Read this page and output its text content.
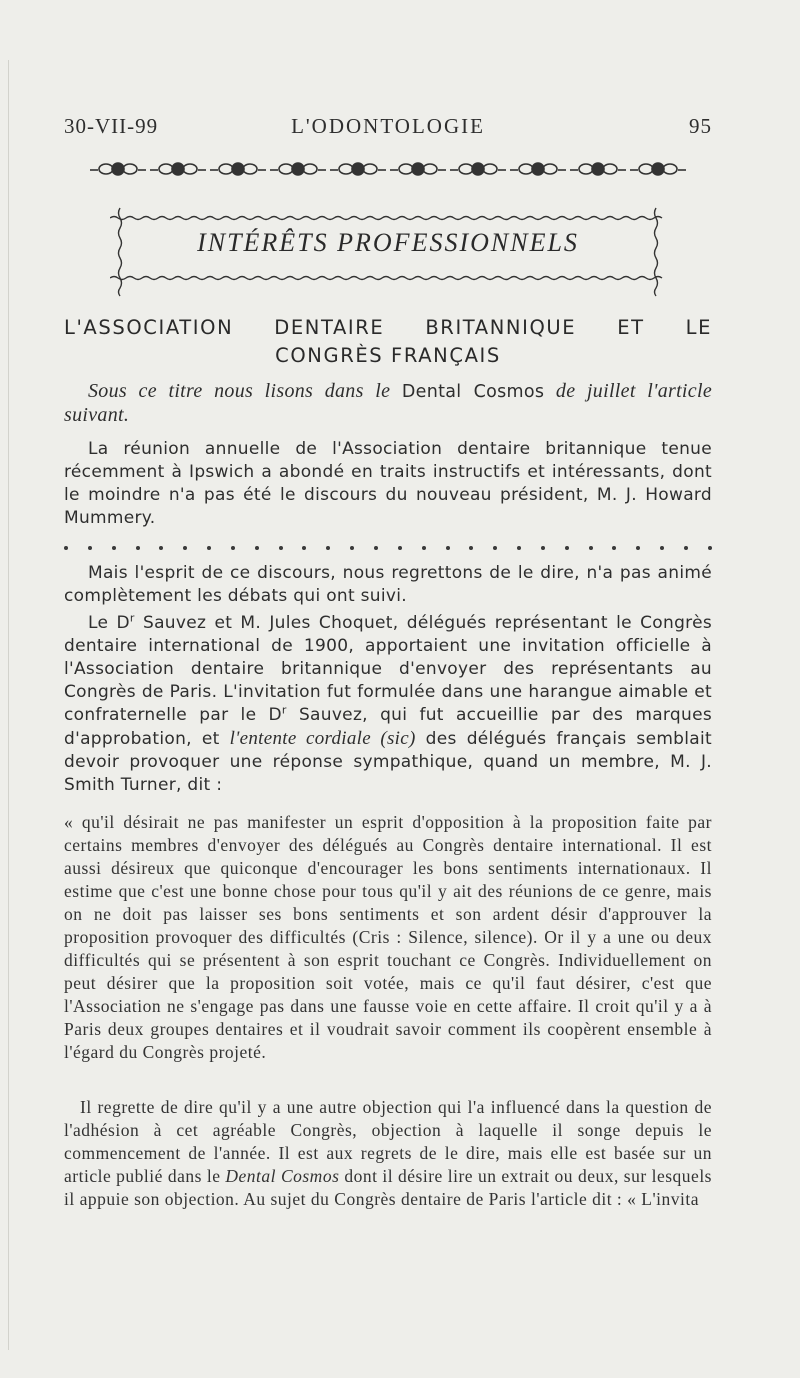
30-VII-99	L'ODONTOLOGIE	95
INTÉRÊTS PROFESSIONNELS
L'ASSOCIATION DENTAIRE BRITANNIQUE ET LE
CONGRÈS FRANÇAIS

Sous ce titre nous lisons dans le Dental Cosmos de juillet l'article suivant.

La réunion annuelle de l'Association dentaire britannique tenue récemment à Ipswich a abondé en traits instructifs et intéressants, dont le moindre n'a pas été le discours du nouveau président, M. J. Howard Mummery.

Mais l'esprit de ce discours, nous regrettons de le dire, n'a pas animé complètement les débats qui ont suivi.

Le $D^r$ Sauvez et M. Jules Choquet, délégués représentant le Congrès dentaire international de 1900, apportaient une invitation officielle à l'Association dentaire britannique d'envoyer des représentants au Congrès de Paris. L'invitation fut formulée dans une harangue aimable et confraternelle par le $D^r$ Sauvez, qui fut accueillie par des marques d'approbation, et l'entente cordiale (sic) des délégués français semblait devoir provoquer une réponse sympathique, quand un membre, M. J. Smith Turner, dit :

« qu'il désirait ne pas manifester un esprit d'opposition à la proposition faite par certains membres d'envoyer des délégués au Congrès dentaire international. Il est aussi désireux que quiconque d'encourager les bons sentiments internationaux. Il estime que c'est une bonne chose pour tous qu'il y ait des réunions de ce genre, mais on ne doit pas laisser ses bons sentiments et son ardent désir d'approuver la proposition provoquer des difficultés (Cris : Silence, silence). Or il y a une ou deux difficultés qui se présentent à son esprit touchant ce Congrès. Individuellement on peut désirer que la proposition soit votée, mais ce qu'il faut désirer, c'est que l'Association ne s'engage pas dans une fausse voie en cette affaire. Il croit qu'il y a à Paris deux groupes dentaires et il voudrait savoir comment ils coopèrent ensemble à l'égard du Congrès projeté.

Il regrette de dire qu'il y a une autre objection qui l'a influencé dans la question de l'adhésion à cet agréable Congrès, objection à laquelle il songe depuis le commencement de l'année. Il est aux regrets de le dire, mais elle est basée sur un article publié dans le Dental Cosmos dont il désire lire un extrait ou deux, sur lesquels il appuie son objection. Au sujet du Congrès dentaire de Paris l'article dit : « L'invita
